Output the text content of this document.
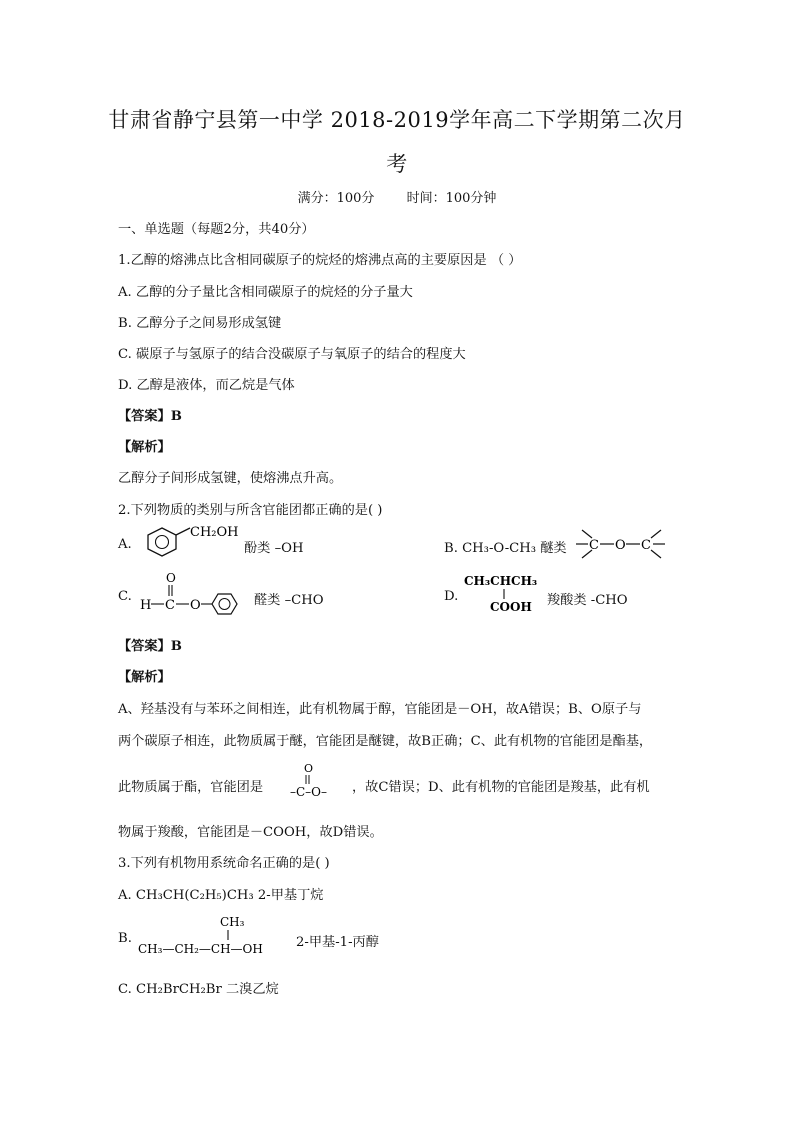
甘肃省静宁县第一中学 2018-2019学年高二下学期第二次月
考
满分：100分 时间：100分钟
一、单选题（每题2分，共40分）
1.乙醇的熔沸点比含相同碳原子的烷烃的熔沸点高的主要原因是 （ ）
A. 乙醇的分子量比含相同碳原子的烷烃的分子量大
B. 乙醇分子之间易形成氢键
C. 碳原子与氢原子的结合没碳原子与氧原子的结合的程度大
D. 乙醇是液体，而乙烷是气体
【答案】B
【解析】
乙醇分子间形成氢键，使熔沸点升高。
2.下列物质的类别与所含官能团都正确的是( )
A.
CH₂OH
酚类 –OH	B. CH₃-O-CH₃ 醚类 C O C
C.
O
H C O	醛类 –CHO	D.
CH₃CHCH₃
COOH 羧酸类 -CHO
【答案】B
【解析】
A、羟基没有与苯环之间相连，此有机物属于醇，官能团是－OH，故A错误；B、O原子与
两个碳原子相连，此物质属于醚，官能团是醚键，故B正确；C、此有机物的官能团是酯基，
此物质属于酯，官能团是
O
–C–O– ，故C错误；D、此有机物的官能团是羧基，此有机
物属于羧酸，官能团是－COOH，故D错误。
3.下列有机物用系统命名正确的是( )
A. CH₃CH(C₂H₅)CH₃ 2-甲基丁烷
B.
CH₃
CH₃—CH₂—CH—OH	2-甲基-1-丙醇
C. CH₂BrCH₂Br 二溴乙烷
